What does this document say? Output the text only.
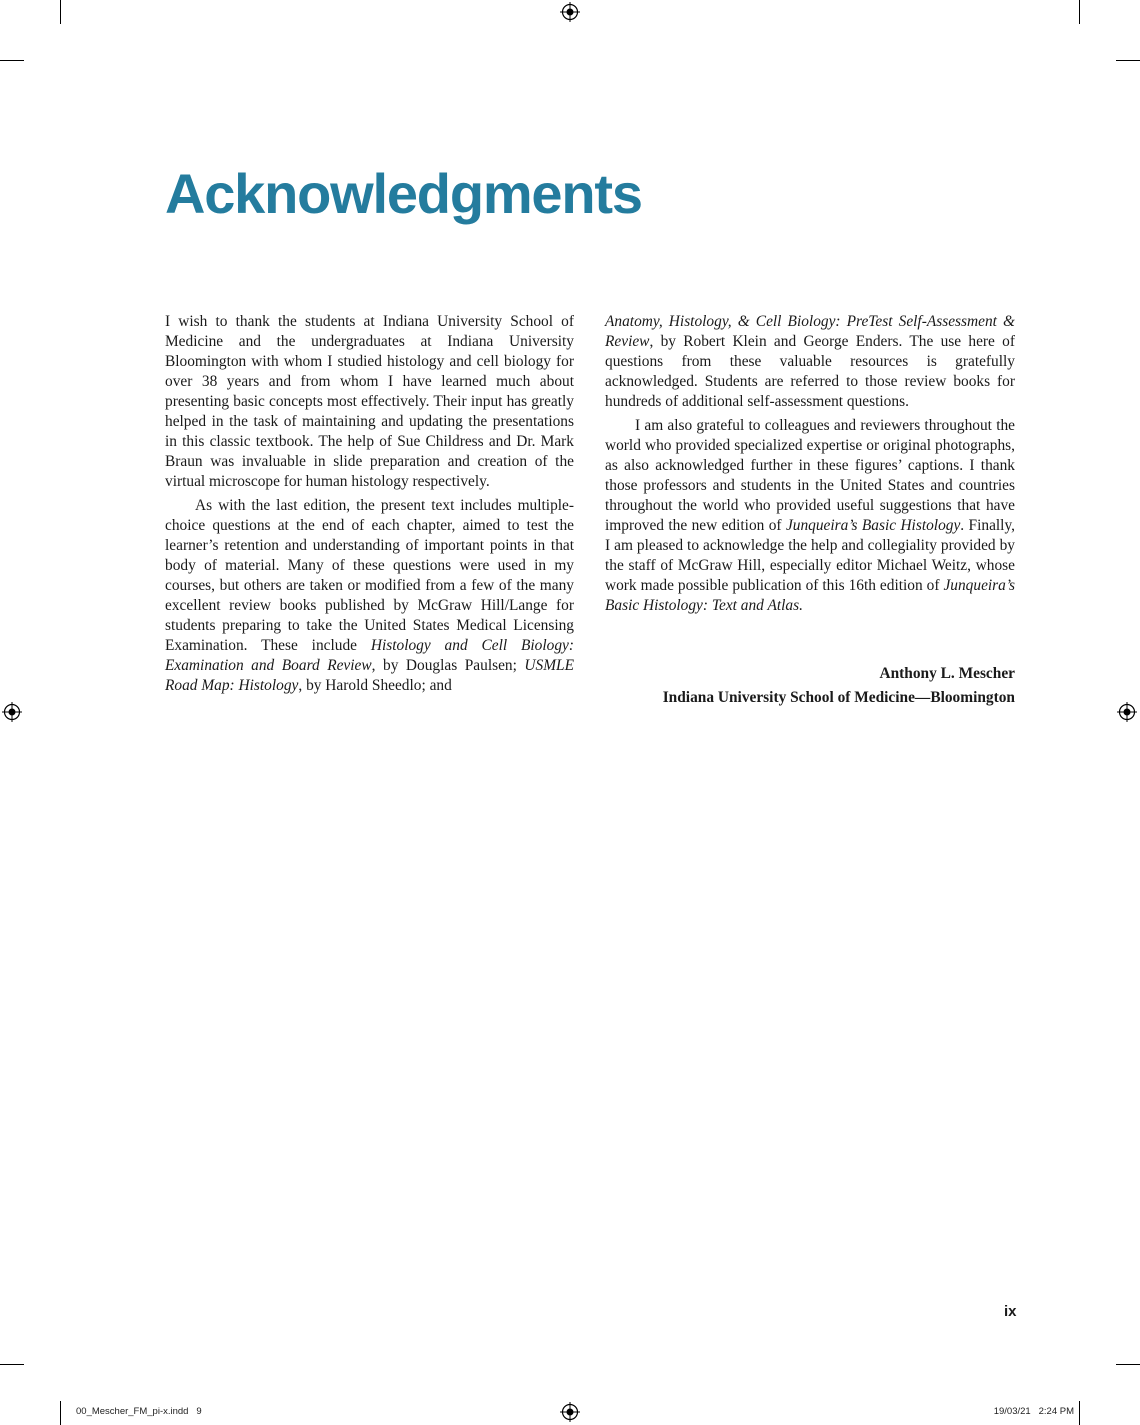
Acknowledgments

I wish to thank the students at Indiana University School of Medicine and the undergraduates at Indiana University Bloomington with whom I studied histology and cell biology for over 38 years and from whom I have learned much about presenting basic concepts most effectively. Their input has greatly helped in the task of maintaining and updating the presentations in this classic textbook. The help of Sue Childress and Dr. Mark Braun was invaluable in slide preparation and creation of the virtual microscope for human histology respectively.

As with the last edition, the present text includes multiple-choice questions at the end of each chapter, aimed to test the learner’s retention and understanding of important points in that body of material. Many of these questions were used in my courses, but others are taken or modified from a few of the many excellent review books published by McGraw Hill/Lange for students preparing to take the United States Medical Licensing Examination. These include Histology and Cell Biology: Examination and Board Review, by Douglas Paulsen; USMLE Road Map: Histology, by Harold Sheedlo; and

Anatomy, Histology, & Cell Biology: PreTest Self-Assessment & Review, by Robert Klein and George Enders. The use here of questions from these valuable resources is gratefully acknowledged. Students are referred to those review books for hundreds of additional self-assessment questions.

I am also grateful to colleagues and reviewers throughout the world who provided specialized expertise or original photographs, as also acknowledged further in these figures’ captions. I thank those professors and students in the United States and countries throughout the world who provided useful suggestions that have improved the new edition of Junqueira’s Basic Histology. Finally, I am pleased to acknowledge the help and collegiality provided by the staff of McGraw Hill, especially editor Michael Weitz, whose work made possible publication of this 16th edition of Junqueira’s Basic Histology: Text and Atlas.

Anthony L. Mescher
Indiana University School of Medicine—Bloomington
ix
00_Mescher_FM_pi-x.indd   9	19/03/21   2:24 PM
